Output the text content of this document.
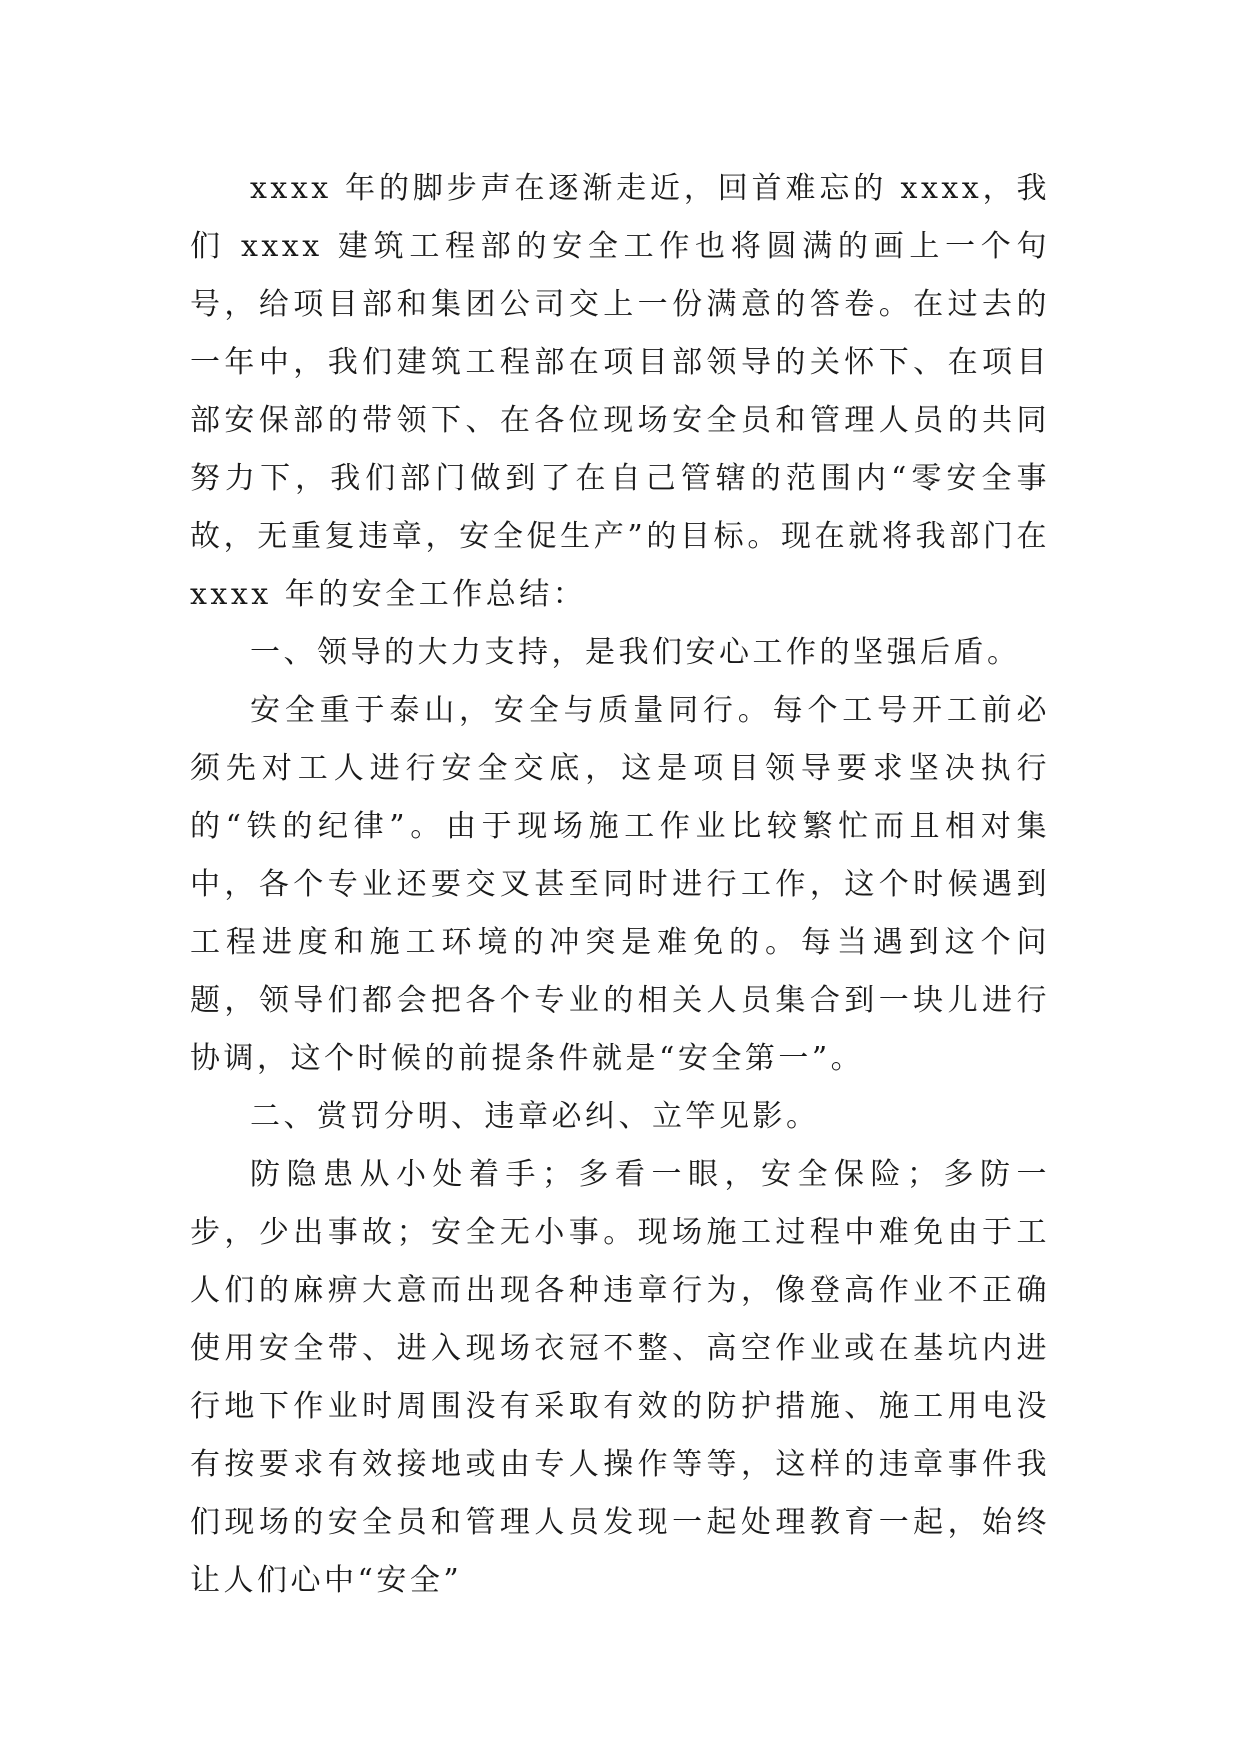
xxxx 年的脚步声在逐渐走近，回首难忘的 xxxx，我们 xxxx 建筑工程部的安全工作也将圆满的画上一个句号，给项目部和集团公司交上一份满意的答卷。在过去的一年中，我们建筑工程部在项目部领导的关怀下、在项目部安保部的带领下、在各位现场安全员和管理人员的共同努力下，我们部门做到了在自己管辖的范围内“零安全事故，无重复违章，安全促生产”的目标。现在就将我部门在 xxxx 年的安全工作总结：

一、领导的大力支持，是我们安心工作的坚强后盾。

安全重于泰山，安全与质量同行。每个工号开工前必须先对工人进行安全交底，这是项目领导要求坚决执行的“铁的纪律”。由于现场施工作业比较繁忙而且相对集中，各个专业还要交叉甚至同时进行工作，这个时候遇到工程进度和施工环境的冲突是难免的。每当遇到这个问题，领导们都会把各个专业的相关人员集合到一块儿进行协调，这个时候的前提条件就是“安全第一”。

二、赏罚分明、违章必纠、立竿见影。

防隐患从小处着手；多看一眼，安全保险；多防一步，少出事故；安全无小事。现场施工过程中难免由于工人们的麻痹大意而出现各种违章行为，像登高作业不正确使用安全带、进入现场衣冠不整、高空作业或在基坑内进行地下作业时周围没有采取有效的防护措施、施工用电没有按要求有效接地或由专人操作等等，这样的违章事件我们现场的安全员和管理人员发现一起处理教育一起，始终让人们心中“安全”
